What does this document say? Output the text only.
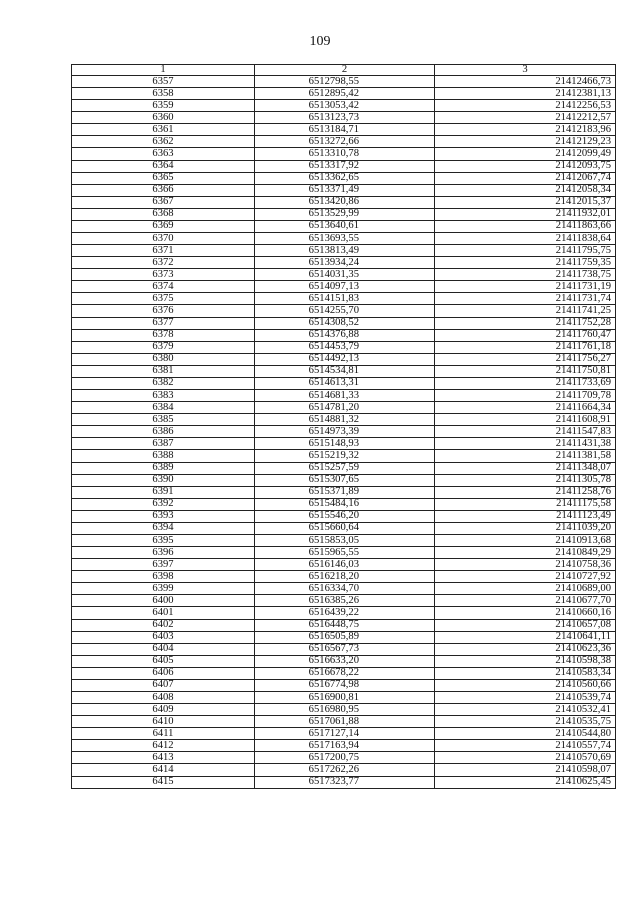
109
1	2	3
6357	6512798,55	21412466,73
6358	6512895,42	21412381,13
6359	6513053,42	21412256,53
6360	6513123,73	21412212,57
6361	6513184,71	21412183,96
6362	6513272,66	21412129,23
6363	6513310,78	21412099,49
6364	6513317,92	21412093,75
6365	6513362,65	21412067,74
6366	6513371,49	21412058,34
6367	6513420,86	21412015,37
6368	6513529,99	21411932,01
6369	6513640,61	21411863,66
6370	6513693,55	21411838,64
6371	6513813,49	21411795,75
6372	6513934,24	21411759,35
6373	6514031,35	21411738,75
6374	6514097,13	21411731,19
6375	6514151,83	21411731,74
6376	6514255,70	21411741,25
6377	6514308,52	21411752,28
6378	6514376,88	21411760,47
6379	6514453,79	21411761,18
6380	6514492,13	21411756,27
6381	6514534,81	21411750,81
6382	6514613,31	21411733,69
6383	6514681,33	21411709,78
6384	6514781,20	21411664,34
6385	6514881,32	21411608,91
6386	6514973,39	21411547,83
6387	6515148,93	21411431,38
6388	6515219,32	21411381,58
6389	6515257,59	21411348,07
6390	6515307,65	21411305,78
6391	6515371,89	21411258,76
6392	6515484,16	21411175,58
6393	6515546,20	21411123,49
6394	6515660,64	21411039,20
6395	6515853,05	21410913,68
6396	6515965,55	21410849,29
6397	6516146,03	21410758,36
6398	6516218,20	21410727,92
6399	6516334,70	21410689,00
6400	6516385,26	21410677,70
6401	6516439,22	21410660,16
6402	6516448,75	21410657,08
6403	6516505,89	21410641,11
6404	6516567,73	21410623,36
6405	6516633,20	21410598,38
6406	6516678,22	21410583,34
6407	6516774,98	21410560,66
6408	6516900,81	21410539,74
6409	6516980,95	21410532,41
6410	6517061,88	21410535,75
6411	6517127,14	21410544,80
6412	6517163,94	21410557,74
6413	6517200,75	21410570,69
6414	6517262,26	21410598,07
6415	6517323,77	21410625,45
